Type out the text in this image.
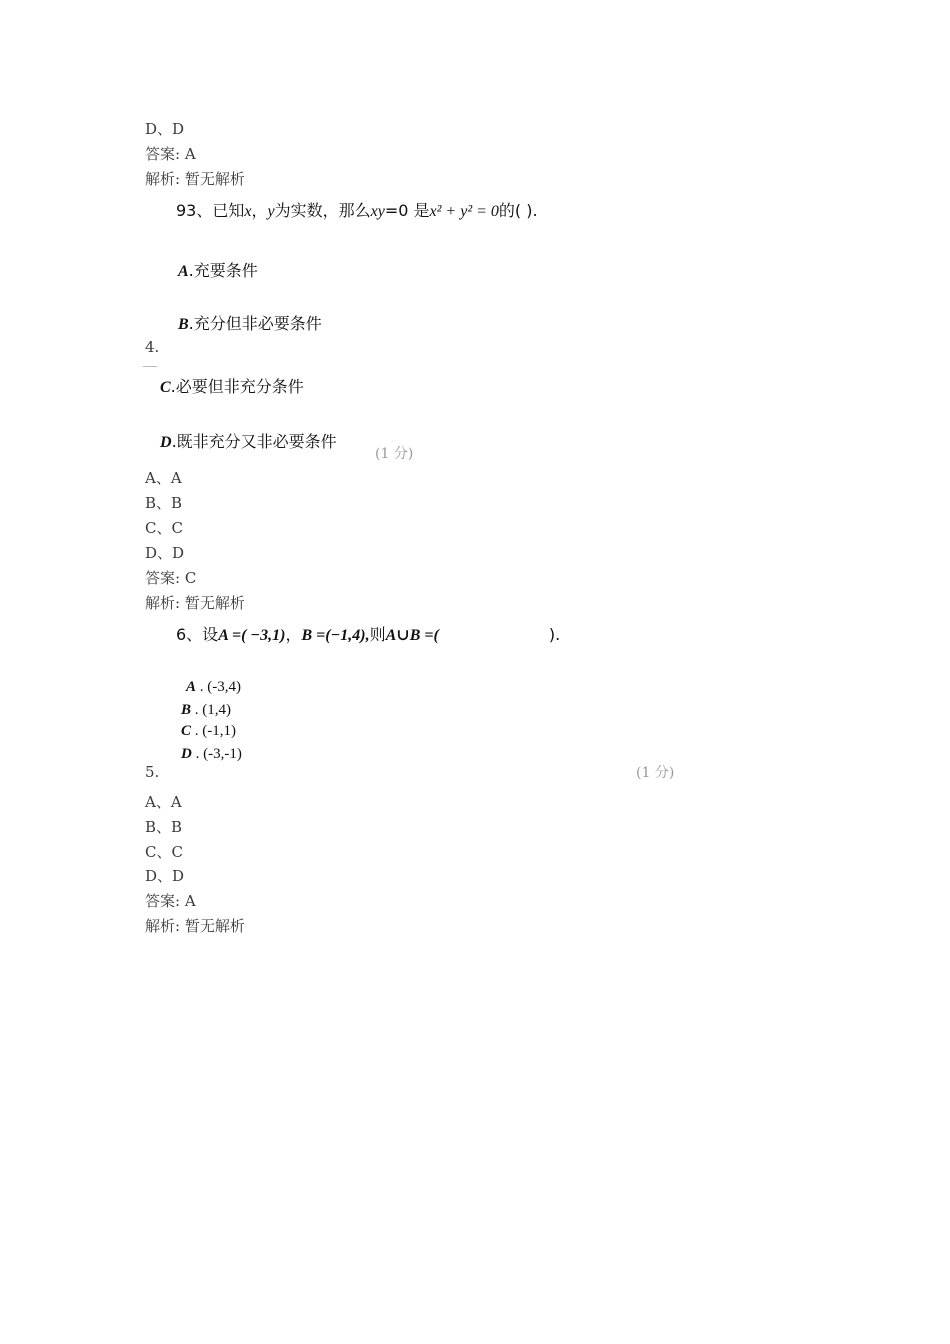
D、D
答案: A
解析: 暂无解析
93、已知x，y为实数，那么xy=0 是x² + y² = 0的( ).
A.充要条件
B.充分但非必要条件
4.
C.必要但非充分条件
D.既非充分又非必要条件
(1 分)
A、A
B、B
C、C
D、D
答案: C
解析: 暂无解析
6、设A =( −3,1)，B =(−1,4),则A∪B =(	).
A . (-3,4)
B . (1,4)
C . (-1,1)
D . (-3,-1)
5.	(1 分)
A、A
B、B
C、C
D、D
答案: A
解析: 暂无解析
